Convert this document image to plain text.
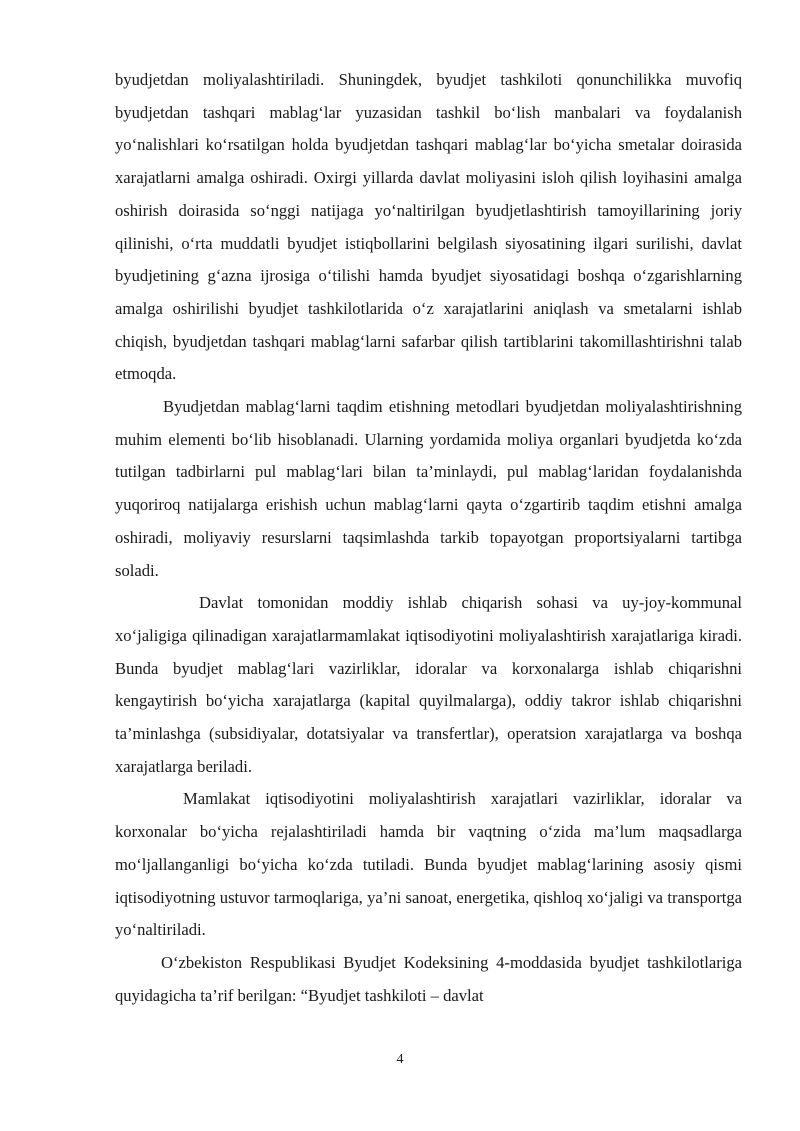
byudjetdan moliyalashtiriladi. Shuningdek, byudjet tashkiloti qonunchilikka muvofiq byudjetdan tashqari mablag‘lar yuzasidan tashkil bo‘lish manbalari va foydalanish yo‘nalishlari ko‘rsatilgan holda byudjetdan tashqari mablag‘lar bo‘yicha smetalar doirasida xarajatlarni amalga oshiradi. Oxirgi yillarda davlat moliyasini isloh qilish loyihasini amalga oshirish doirasida so‘nggi natijaga yo‘naltirilgan byudjetlashtirish tamoyillarining joriy qilinishi, o‘rta muddatli byudjet istiqbollarini belgilash siyosatining ilgari surilishi, davlat byudjetining g‘azna ijrosiga o‘tilishi hamda byudjet siyosatidagi boshqa o‘zgarishlarning amalga oshirilishi byudjet tashkilotlarida o‘z xarajatlarini aniqlash va smetalarni ishlab chiqish, byudjetdan tashqari mablag‘larni safarbar qilish tartiblarini takomillashtirishni talab etmoqda.

Byudjetdan mablag‘larni taqdim etishning metodlari byudjetdan moliyalashtirishning muhim elementi bo‘lib hisoblanadi. Ularning yordamida moliya organlari byudjetda ko‘zda tutilgan tadbirlarni pul mablag‘lari bilan ta’minlaydi, pul mablag‘laridan foydalanishda yuqoriroq natijalarga erishish uchun mablag‘larni qayta o‘zgartirib taqdim etishni amalga oshiradi, moliyaviy resurslarni taqsimlashda tarkib topayotgan proportsiyalarni tartibga soladi.

Davlat tomonidan moddiy ishlab chiqarish sohasi va uy-joy-kommunal xo‘jaligiga qilinadigan xarajatlarmamlakat iqtisodiyotini moliyalashtirish xarajatlariga kiradi. Bunda byudjet mablag‘lari vazirliklar, idoralar va korxonalarga ishlab chiqarishni kengaytirish bo‘yicha xarajatlarga (kapital quyilmalarga), oddiy takror ishlab chiqarishni ta’minlashga (subsidiyalar, dotatsiyalar va transfertlar), operatsion xarajatlarga va boshqa xarajatlarga beriladi.

Mamlakat iqtisodiyotini moliyalashtirish xarajatlari vazirliklar, idoralar va korxonalar bo‘yicha rejalashtiriladi hamda bir vaqtning o‘zida ma’lum maqsadlarga mo‘ljallanganligi bo‘yicha ko‘zda tutiladi. Bunda byudjet mablag‘larining asosiy qismi iqtisodiyotning ustuvor tarmoqlariga, ya’ni sanoat, energetika, qishloq xo‘jaligi va transportga yo‘naltiriladi.

O‘zbekiston Respublikasi Byudjet Kodeksining 4-moddasida byudjet tashkilotlariga quyidagicha ta’rif berilgan: “Byudjet tashkiloti – davlat

4
